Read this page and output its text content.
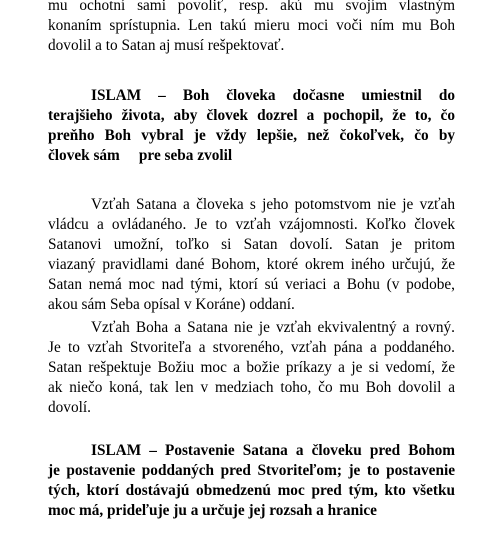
mu ochotní sami povoliť, resp. akú mu svojím vlastným
konaním sprístupnia. Len takú mieru moci voči ním mu Boh
dovolil a to Satan aj musí rešpektovať.
ISLAM – Boh človeka dočasne umiestnil do
terajšieho života, aby človek dozrel a pochopil, že to, čo
preňho Boh vybral je vždy lepšie, než čokoľvek, čo by
človek sám     pre seba zvolil
Vzťah Satana a človeka s jeho potomstvom nie je vzťah
vládcu a ovládaného. Je to vzťah vzájomnosti. Koľko človek
Satanovi umožní, toľko si Satan dovolí. Satan je pritom
viazaný pravidlami dané Bohom, ktoré okrem iného určujú, že
Satan nemá moc nad tými, ktorí sú veriaci a Bohu (v podobe,
akou sám Seba opísal v Koráne) oddaní.
Vzťah Boha a Satana nie je vzťah ekvivalentný a rovný.
Je to vzťah Stvoriteľa a stvoreného, vzťah pána a poddaného.
Satan rešpektuje Božiu moc a božie príkazy a je si vedomí, že
ak niečo koná, tak len v medziach toho, čo mu Boh dovolil a
dovolí.
ISLAM – Postavenie Satana a človeku pred Bohom
je postavenie poddaných pred Stvoriteľom; je to postavenie
tých, ktorí dostávajú obmedzenú moc pred tým, kto všetku
moc má, prideľuje ju a určuje jej rozsah a hranice
